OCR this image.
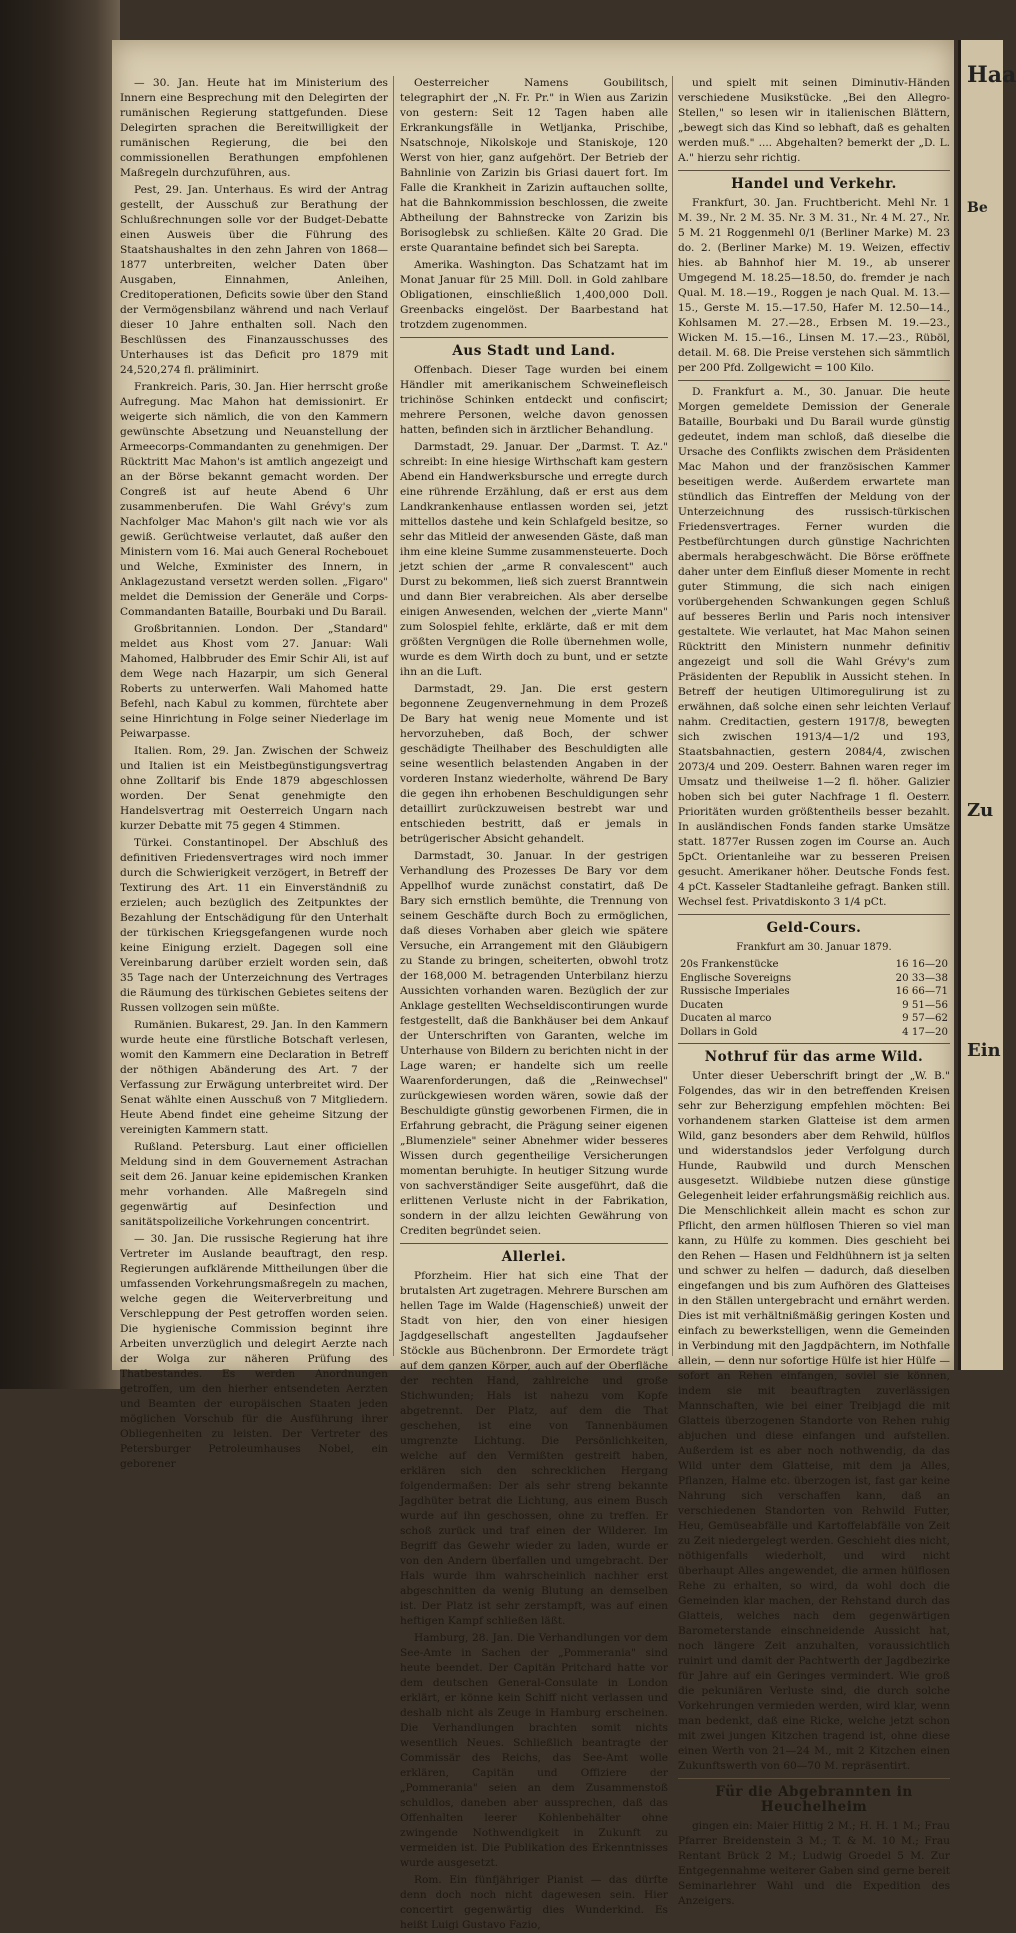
— 30. Jan. Heute hat im Ministerium des Innern eine Besprechung mit den Delegirten der rumänischen Regierung stattgefunden. Diese Delegirten sprachen die Bereitwilligkeit der rumänischen Regierung, die bei den commissionellen Berathungen empfohlenen Maßregeln durchzuführen, aus.

Pest, 29. Jan. Unterhaus. Es wird der Antrag gestellt, der Ausschuß zur Berathung der Schlußrechnungen solle vor der Budget-Debatte einen Ausweis über die Führung des Staatshaushaltes in den zehn Jahren von 1868—1877 unterbreiten, welcher Daten über Ausgaben, Einnahmen, Anleihen, Creditoperationen, Deficits sowie über den Stand der Vermögensbilanz während und nach Verlauf dieser 10 Jahre enthalten soll. Nach den Beschlüssen des Finanzausschusses des Unterhauses ist das Deficit pro 1879 mit 24,520,274 fl. präliminirt.

Frankreich. Paris, 30. Jan. Hier herrscht große Aufregung. Mac Mahon hat demissionirt. Er weigerte sich nämlich, die von den Kammern gewünschte Absetzung und Neuanstellung der Armeecorps-Commandanten zu genehmigen. Der Rücktritt Mac Mahon's ist amtlich angezeigt und an der Börse bekannt gemacht worden. Der Congreß ist auf heute Abend 6 Uhr zusammenberufen. Die Wahl Grévy's zum Nachfolger Mac Mahon's gilt nach wie vor als gewiß. Gerüchtweise verlautet, daß außer den Ministern vom 16. Mai auch General Rochebouet und Welche, Exminister des Innern, in Anklagezustand versetzt werden sollen. „Figaro" meldet die Demission der Generäle und Corps-Commandanten Bataille, Bourbaki und Du Barail.

Großbritannien. London. Der „Standard" meldet aus Khost vom 27. Januar: Wali Mahomed, Halbbruder des Emir Schir Ali, ist auf dem Wege nach Hazarpir, um sich General Roberts zu unterwerfen. Wali Mahomed hatte Befehl, nach Kabul zu kommen, fürchtete aber seine Hinrichtung in Folge seiner Niederlage im Peiwarpasse.

Italien. Rom, 29. Jan. Zwischen der Schweiz und Italien ist ein Meistbegünstigungsvertrag ohne Zolltarif bis Ende 1879 abgeschlossen worden. Der Senat genehmigte den Handelsvertrag mit Oesterreich Ungarn nach kurzer Debatte mit 75 gegen 4 Stimmen.

Türkei. Constantinopel. Der Abschluß des definitiven Friedensvertrages wird noch immer durch die Schwierigkeit verzögert, in Betreff der Textirung des Art. 11 ein Einverständniß zu erzielen; auch bezüglich des Zeitpunktes der Bezahlung der Entschädigung für den Unterhalt der türkischen Kriegsgefangenen wurde noch keine Einigung erzielt. Dagegen soll eine Vereinbarung darüber erzielt worden sein, daß 35 Tage nach der Unterzeichnung des Vertrages die Räumung des türkischen Gebietes seitens der Russen vollzogen sein müßte.

Rumänien. Bukarest, 29. Jan. In den Kammern wurde heute eine fürstliche Botschaft verlesen, womit den Kammern eine Declaration in Betreff der nöthigen Abänderung des Art. 7 der Verfassung zur Erwägung unterbreitet wird. Der Senat wählte einen Ausschuß von 7 Mitgliedern. Heute Abend findet eine geheime Sitzung der vereinigten Kammern statt.

Rußland. Petersburg. Laut einer officiellen Meldung sind in dem Gouvernement Astrachan seit dem 26. Januar keine epidemischen Kranken mehr vorhanden. Alle Maßregeln sind gegenwärtig auf Desinfection und sanitätspolizeiliche Vorkehrungen concentrirt.

— 30. Jan. Die russische Regierung hat ihre Vertreter im Auslande beauftragt, den resp. Regierungen aufklärende Mittheilungen über die umfassenden Vorkehrungsmaßregeln zu machen, welche gegen die Weiterverbreitung und Verschleppung der Pest getroffen worden seien. Die hygienische Commission beginnt ihre Arbeiten unverzüglich und delegirt Aerzte nach der Wolga zur näheren Prüfung des Thatbestandes. Es werden Anordnungen getroffen, um den hierher entsendeten Aerzten und Beamten der europäischen Staaten jeden möglichen Vorschub für die Ausführung ihrer Obliegenheiten zu leisten. Der Vertreter des Petersburger Petroleumhauses Nobel, ein geborener

Oesterreicher Namens Goubilitsch, telegraphirt der „N. Fr. Pr." in Wien aus Zarizin von gestern: Seit 12 Tagen haben alle Erkrankungsfälle in Wetljanka, Prischibe, Nsatschnoje, Nikolskoje und Staniskoje, 120 Werst von hier, ganz aufgehört. Der Betrieb der Bahnlinie von Zarizin bis Griasi dauert fort. Im Falle die Krankheit in Zarizin auftauchen sollte, hat die Bahnkommission beschlossen, die zweite Abtheilung der Bahnstrecke von Zarizin bis Borisoglebsk zu schließen. Kälte 20 Grad. Die erste Quarantaine befindet sich bei Sarepta.

Amerika. Washington. Das Schatzamt hat im Monat Januar für 25 Mill. Doll. in Gold zahlbare Obligationen, einschließlich 1,400,000 Doll. Greenbacks eingelöst. Der Baarbestand hat trotzdem zugenommen.

Aus Stadt und Land.

Offenbach. Dieser Tage wurden bei einem Händler mit amerikanischem Schweinefleisch trichinöse Schinken entdeckt und confiscirt; mehrere Personen, welche davon genossen hatten, befinden sich in ärztlicher Behandlung.

Darmstadt, 29. Januar. Der „Darmst. T. Az." schreibt: In eine hiesige Wirthschaft kam gestern Abend ein Handwerksbursche und erregte durch eine rührende Erzählung, daß er erst aus dem Landkrankenhause entlassen worden sei, jetzt mittellos dastehe und kein Schlafgeld besitze, so sehr das Mitleid der anwesenden Gäste, daß man ihm eine kleine Summe zusammensteuerte. Doch jetzt schien der „arme R convalescent" auch Durst zu bekommen, ließ sich zuerst Branntwein und dann Bier verabreichen. Als aber derselbe einigen Anwesenden, welchen der „vierte Mann" zum Solospiel fehlte, erklärte, daß er mit dem größten Vergnügen die Rolle übernehmen wolle, wurde es dem Wirth doch zu bunt, und er setzte ihn an die Luft.

Darmstadt, 29. Jan. Die erst gestern begonnene Zeugenvernehmung in dem Prozeß De Bary hat wenig neue Momente und ist hervorzuheben, daß Boch, der schwer geschädigte Theilhaber des Beschuldigten alle seine wesentlich belastenden Angaben in der vorderen Instanz wiederholte, während De Bary die gegen ihn erhobenen Beschuldigungen sehr detaillirt zurückzuweisen bestrebt war und entschieden bestritt, daß er jemals in betrügerischer Absicht gehandelt.

Darmstadt, 30. Januar. In der gestrigen Verhandlung des Prozesses De Bary vor dem Appellhof wurde zunächst constatirt, daß De Bary sich ernstlich bemühte, die Trennung von seinem Geschäfte durch Boch zu ermöglichen, daß dieses Vorhaben aber gleich wie spätere Versuche, ein Arrangement mit den Gläubigern zu Stande zu bringen, scheiterten, obwohl trotz der 168,000 M. betragenden Unterbilanz hierzu Aussichten vorhanden waren. Bezüglich der zur Anklage gestellten Wechseldiscontirungen wurde festgestellt, daß die Bankhäuser bei dem Ankauf der Unterschriften von Garanten, welche im Unterhause von Bildern zu berichten nicht in der Lage waren; er handelte sich um reelle Waarenforderungen, daß die „Reinwechsel" zurückgewiesen worden wären, sowie daß der Beschuldigte günstig geworbenen Firmen, die in Erfahrung gebracht, die Prägung seiner eigenen „Blumenziele" seiner Abnehmer wider besseres Wissen durch gegentheilige Versicherungen momentan beruhigte. In heutiger Sitzung wurde von sachverständiger Seite ausgeführt, daß die erlittenen Verluste nicht in der Fabrikation, sondern in der allzu leichten Gewährung von Crediten begründet seien.

Allerlei.

Pforzheim. Hier hat sich eine That der brutalsten Art zugetragen. Mehrere Burschen am hellen Tage im Walde (Hagenschieß) unweit der Stadt von hier, den von einer hiesigen Jagdgesellschaft angestellten Jagdaufseher Stöckle aus Büchenbronn. Der Ermordete trägt auf dem ganzen Körper, auch auf der Oberfläche der rechten Hand, zahlreiche und große Stichwunden; Hals ist nahezu vom Kopfe abgetrennt. Der Platz, auf dem die That geschehen, ist eine von Tannenbäumen umgrenzte Lichtung. Die Persönlichkeiten, welche auf den Vermißten gestreift haben, erklären sich den schrecklichen Hergang folgendermaßen: Der als sehr streng bekannte Jagdhüter betrat die Lichtung, aus einem Busch wurde auf ihn geschossen, ohne zu treffen. Er schoß zurück und traf einen der Wilderer. Im Begriff das Gewehr wieder zu laden, wurde er von den Andern überfallen und umgebracht. Der Hals wurde ihm wahrscheinlich nachher erst abgeschnitten da wenig Blutung an demselben ist. Der Platz ist sehr zerstampft, was auf einen heftigen Kampf schließen läßt.

Hamburg, 28. Jan. Die Verhandlungen vor dem See-Amte in Sachen der „Pommerania" sind heute beendet. Der Capitän Pritchard hatte vor dem deutschen General-Consulate in London erklärt, er könne kein Schiff nicht verlassen und deshalb nicht als Zeuge in Hamburg erscheinen. Die Verhandlungen brachten somit nichts wesentlich Neues. Schließlich beantragte der Commissär des Reichs, das See-Amt wolle erklären, Capitän und Offiziere der „Pommerania" seien an dem Zusammenstoß schuldlos, daneben aber aussprechen, daß das Offenhalten leerer Kohlenbehälter ohne zwingende Nothwendigkeit in Zukunft zu vermeiden ist. Die Publikation des Erkenntnisses wurde ausgesetzt.

Rom. Ein fünfjähriger Pianist — das dürfte denn doch noch nicht dagewesen sein. Hier concertirt gegenwärtig dies Wunderkind. Es heißt Luigi Gustavo Fazio,

und spielt mit seinen Diminutiv-Händen verschiedene Musikstücke. „Bei den Allegro-Stellen," so lesen wir in italienischen Blättern, „bewegt sich das Kind so lebhaft, daß es gehalten werden muß." .... Abgehalten? bemerkt der „D. L. A." hierzu sehr richtig.

Handel und Verkehr.

Frankfurt, 30. Jan. Fruchtbericht. Mehl Nr. 1 M. 39., Nr. 2 M. 35. Nr. 3 M. 31., Nr. 4 M. 27., Nr. 5 M. 21 Roggenmehl 0/1 (Berliner Marke) M. 23 do. 2. (Berliner Marke) M. 19. Weizen, effectiv hies. ab Bahnhof hier M. 19., ab unserer Umgegend M. 18.25—18.50, do. fremder je nach Qual. M. 18.—19., Roggen je nach Qual. M. 13.—15., Gerste M. 15.—17.50, Hafer M. 12.50—14., Kohlsamen M. 27.—28., Erbsen M. 19.—23., Wicken M. 15.—16., Linsen M. 17.—23., Rüböl, detail. M. 68. Die Preise verstehen sich sämmtlich per 200 Pfd. Zollgewicht = 100 Kilo.

D. Frankfurt a. M., 30. Januar. Die heute Morgen gemeldete Demission der Generale Bataille, Bourbaki und Du Barail wurde günstig gedeutet, indem man schloß, daß dieselbe die Ursache des Conflikts zwischen dem Präsidenten Mac Mahon und der französischen Kammer beseitigen werde. Außerdem erwartete man stündlich das Eintreffen der Meldung von der Unterzeichnung des russisch-türkischen Friedensvertrages. Ferner wurden die Pestbefürchtungen durch günstige Nachrichten abermals herabgeschwächt. Die Börse eröffnete daher unter dem Einfluß dieser Momente in recht guter Stimmung, die sich nach einigen vorübergehenden Schwankungen gegen Schluß auf besseres Berlin und Paris noch intensiver gestaltete. Wie verlautet, hat Mac Mahon seinen Rücktritt den Ministern nunmehr definitiv angezeigt und soll die Wahl Grévy's zum Präsidenten der Republik in Aussicht stehen. In Betreff der heutigen Ultimoregulirung ist zu erwähnen, daß solche einen sehr leichten Verlauf nahm. Creditactien, gestern 1917/8, bewegten sich zwischen 1913/4—1/2 und 193, Staatsbahnactien, gestern 2084/4, zwischen 2073/4 und 209. Oesterr. Bahnen waren reger im Umsatz und theilweise 1—2 fl. höher. Galizier hoben sich bei guter Nachfrage 1 fl. Oesterr. Prioritäten wurden größtentheils besser bezahlt. In ausländischen Fonds fanden starke Umsätze statt. 1877er Russen zogen im Course an. Auch 5pCt. Orientanleihe war zu besseren Preisen gesucht. Amerikaner höher. Deutsche Fonds fest. 4 pCt. Kasseler Stadtanleihe gefragt. Banken still. Wechsel fest. Privatdiskonto 3 1/4 pCt.

Geld-Cours.

Frankfurt am 30. Januar 1879.

20s Frankenstücke	16 16—20
Englische Sovereigns	20 33—38
Russische Imperiales	16 66—71
Ducaten	9 51—56
Ducaten al marco	9 57—62
Dollars in Gold	4 17—20
Nothruf für das arme Wild.

Unter dieser Ueberschrift bringt der „W. B." Folgendes, das wir in den betreffenden Kreisen sehr zur Beherzigung empfehlen möchten: Bei vorhandenem starken Glatteise ist dem armen Wild, ganz besonders aber dem Rehwild, hülflos und widerstandslos jeder Verfolgung durch Hunde, Raubwild und durch Menschen ausgesetzt. Wildbiebe nutzen diese günstige Gelegenheit leider erfahrungsmäßig reichlich aus. Die Menschlichkeit allein macht es schon zur Pflicht, den armen hülflosen Thieren so viel man kann, zu Hülfe zu kommen. Dies geschieht bei den Rehen — Hasen und Feldhühnern ist ja selten und schwer zu helfen — dadurch, daß dieselben eingefangen und bis zum Aufhören des Glatteises in den Ställen untergebracht und ernährt werden. Dies ist mit verhältnißmäßig geringen Kosten und einfach zu bewerkstelligen, wenn die Gemeinden in Verbindung mit den Jagdpächtern, im Nothfalle allein, — denn nur sofortige Hülfe ist hier Hülfe — sofort an Rehen einfangen, soviel sie können, indem sie mit beauftragten zuverlässigen Mannschaften, wie bei einer Treibjagd die mit Glatteis überzogenen Standorte von Rehen ruhig abjuchen und diese einfangen und aufstellen. Außerdem ist es aber noch nothwendig, da das Wild unter dem Glatteise, mit dem ja Alles, Pflanzen, Halme etc. überzogen ist, fast gar keine Nahrung sich verschaffen kann, daß an verschiedenen Standorten von Rehwild Futter, Heu, Gemüseabfälle und Kartoffelabfälle von Zeit zu Zeit niedergelegt werden. Geschieht dies nicht, nöthigenfalls wiederholt, und wird nicht überhaupt Alles angewendet, die armen hülflosen Rehe zu erhalten, so wird, da wohl doch die Gemeinden klar machen, der Rehstand durch das Glatteis, welches nach dem gegenwärtigen Barometerstande einschneidende Aussicht hat, noch längere Zeit anzuhalten, voraussichtlich ruinirt und damit der Pachtwerth der Jagdbezirke für Jahre auf ein Geringes vermindert. Wie groß die pekuniären Verluste sind, die durch solche Vorkehrungen vermieden werden, wird klar, wenn man bedenkt, daß eine Ricke, welche jetzt schon mit zwei jungen Kitzchen tragend ist, ohne diese einen Werth von 21—24 M., mit 2 Kitzchen einen Zukunftswerth von 60—70 M. repräsentirt.

Für die Abgebrannten in Heuchelheim

gingen ein: Maier Hittig 2 M.; H. H. 1 M.; Frau Pfarrer Breidenstein 3 M.; T. & M. 10 M.; Frau Rentant Brück 2 M.; Ludwig Groedel 5 M. Zur Entgegennahme weiterer Gaben sind gerne bereit Seminarlehrer Wahl und die Expedition des Anzeigers.

Haa
Be
Zu
Ein
